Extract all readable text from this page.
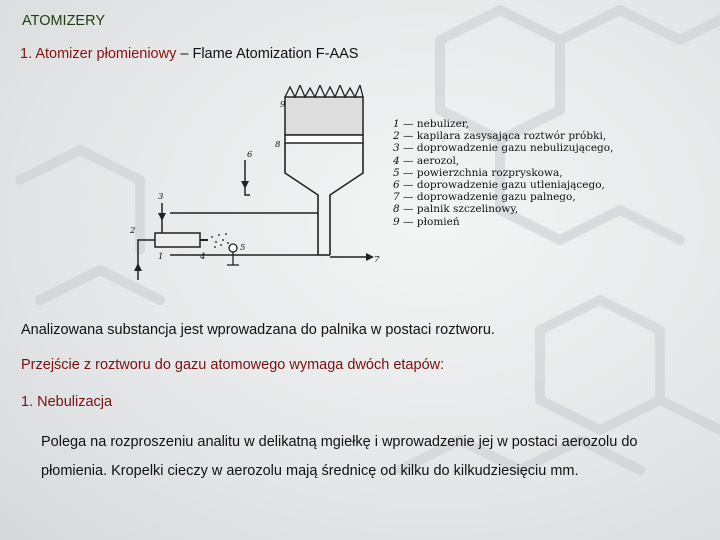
ATOMIZERY
1. Atomizer płomieniowy – Flame Atomization F-AAS
9
8
6
3
2
1	4
5
7
1 — nebulizer,
2 — kapilara zasysająca roztwór próbki,
3 — doprowadzenie gazu nebulizującego,
4 — aerozol,
5 — powierzchnia rozpryskowa,
6 — doprowadzenie gazu utleniającego,
7 — doprowadzenie gazu palnego,
8 — palnik szczelinowy,
9 — płomień
Analizowana substancja jest wprowadzana do palnika w postaci roztworu.
Przejście z roztworu do gazu atomowego wymaga dwóch etapów:
1. Nebulizacja
Polega na rozproszeniu analitu w delikatną mgiełkę i wprowadzenie jej w postaci aerozolu do płomienia. Kropelki cieczy w aerozolu mają średnicę od kilku do kilkudziesięciu mm.
